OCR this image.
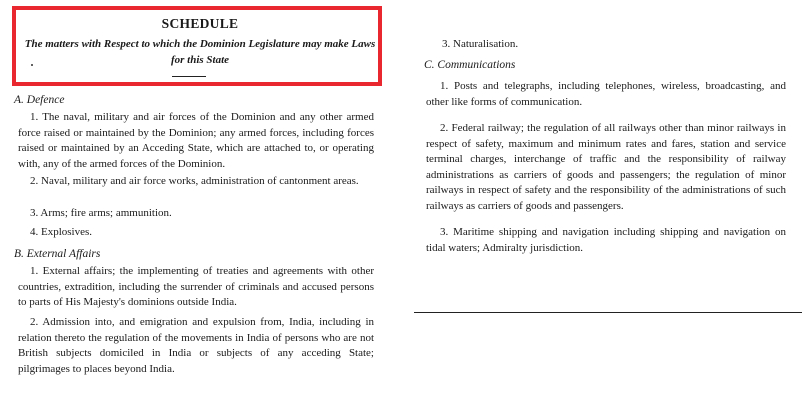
SCHEDULE
The matters with Respect to which the Dominion Legislature may make Laws for this State
A. Defence
1. The naval, military and air forces of the Dominion and any other armed force raised or maintained by the Dominion; any armed forces, including forces raised or maintained by an Acceding State, which are attached to, or operating with, any of the armed forces of the Dominion.
2. Naval, military and air force works, administration of cantonment areas.
3. Arms; fire arms; ammunition.
4. Explosives.
B. External Affairs
1. External affairs; the implementing of treaties and agreements with other countries, extradition, including the surrender of criminals and accused persons to parts of His Majesty's dominions outside India.
2. Admission into, and emigration and expulsion from, India, including in relation thereto the regulation of the movements in India of persons who are not British subjects domiciled in India or subjects of any acceding State; pilgrimages to places beyond India.
3. Naturalisation.
C. Communications
1. Posts and telegraphs, including telephones, wireless, broadcasting, and other like forms of communication.
2. Federal railway; the regulation of all railways other than minor railways in respect of safety, maximum and minimum rates and fares, station and service terminal charges, interchange of traffic and the responsibility of railway administrations as carriers of goods and passengers; the regulation of minor railways in respect of safety and the responsibility of the administrations of such railways as carriers of goods and passengers.
3. Maritime shipping and navigation including shipping and navigation on tidal waters; Admiralty jurisdiction.
